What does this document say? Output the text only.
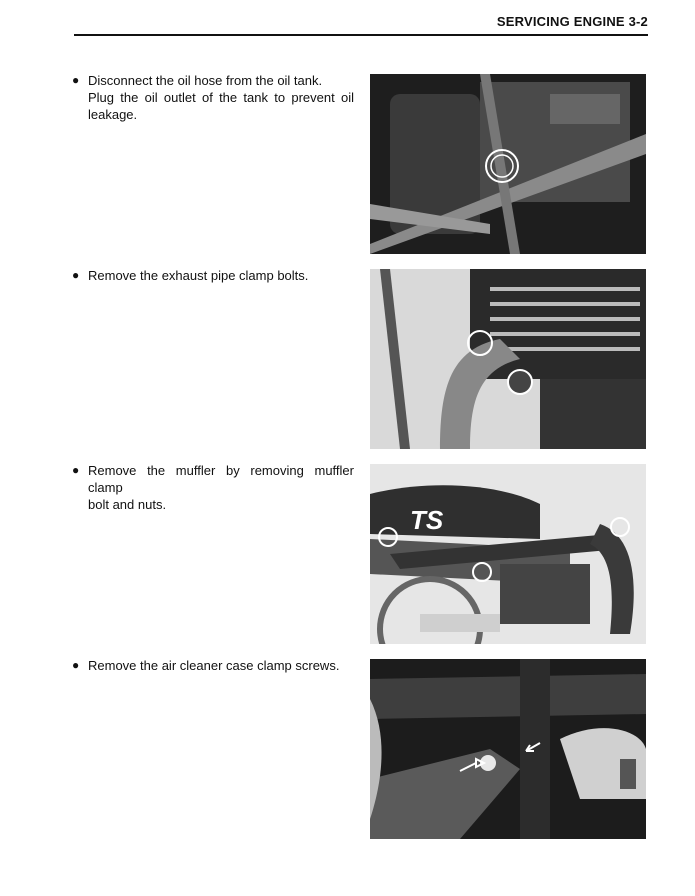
SERVICING ENGINE 3-2
● Disconnect the oil hose from the oil tank.
Plug the oil outlet of the tank to prevent oil
leakage.
● Remove the exhaust pipe clamp bolts.
● Remove the muffler by removing muffler clamp
bolt and nuts.
TS
● Remove the air cleaner case clamp screws.
